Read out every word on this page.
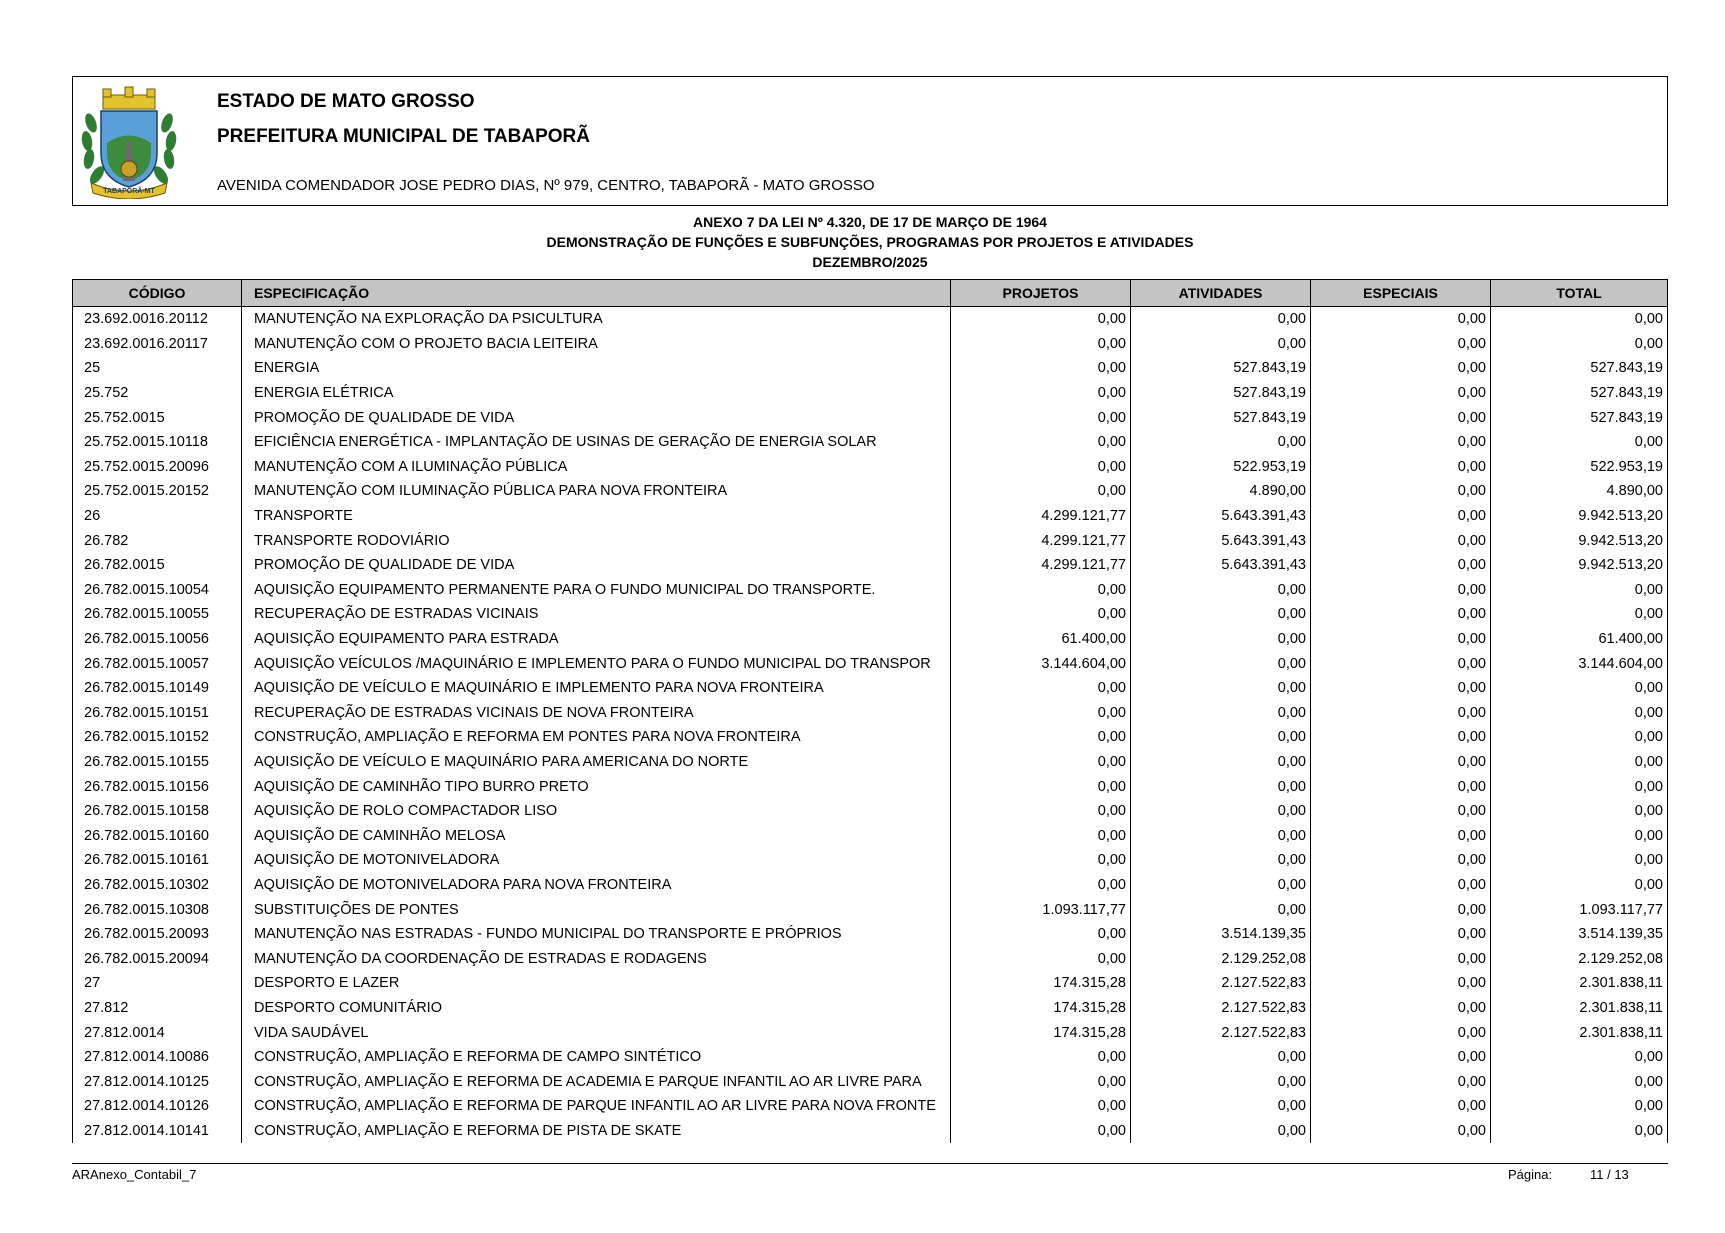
TABAPORÃ-MT
ESTADO DE MATO GROSSO
PREFEITURA MUNICIPAL DE TABAPORÃ
AVENIDA COMENDADOR JOSE PEDRO DIAS, Nº 979, CENTRO, TABAPORÃ - MATO GROSSO
ANEXO 7 DA LEI Nº 4.320, DE 17 DE MARÇO DE 1964
DEMONSTRAÇÃO DE FUNÇÕES E SUBFUNÇÕES, PROGRAMAS POR PROJETOS E ATIVIDADES
DEZEMBRO/2025
CÓDIGO	ESPECIFICAÇÃO	PROJETOS	ATIVIDADES	ESPECIAIS	TOTAL
23.692.0016.20112	MANUTENÇÃO NA EXPLORAÇÃO DA PSICULTURA	0,00	0,00	0,00	0,00
23.692.0016.20117	MANUTENÇÃO COM O PROJETO BACIA LEITEIRA	0,00	0,00	0,00	0,00
25	ENERGIA	0,00	527.843,19	0,00	527.843,19
25.752	ENERGIA ELÉTRICA	0,00	527.843,19	0,00	527.843,19
25.752.0015	PROMOÇÃO DE QUALIDADE DE VIDA	0,00	527.843,19	0,00	527.843,19
25.752.0015.10118	EFICIÊNCIA ENERGÉTICA - IMPLANTAÇÃO DE USINAS DE GERAÇÃO DE ENERGIA SOLAR	0,00	0,00	0,00	0,00
25.752.0015.20096	MANUTENÇÃO COM A ILUMINAÇÃO PÚBLICA	0,00	522.953,19	0,00	522.953,19
25.752.0015.20152	MANUTENÇÃO COM ILUMINAÇÃO PÚBLICA PARA NOVA FRONTEIRA	0,00	4.890,00	0,00	4.890,00
26	TRANSPORTE	4.299.121,77	5.643.391,43	0,00	9.942.513,20
26.782	TRANSPORTE RODOVIÁRIO	4.299.121,77	5.643.391,43	0,00	9.942.513,20
26.782.0015	PROMOÇÃO DE QUALIDADE DE VIDA	4.299.121,77	5.643.391,43	0,00	9.942.513,20
26.782.0015.10054	AQUISIÇÃO EQUIPAMENTO PERMANENTE PARA O FUNDO MUNICIPAL DO TRANSPORTE.	0,00	0,00	0,00	0,00
26.782.0015.10055	RECUPERAÇÃO DE ESTRADAS VICINAIS	0,00	0,00	0,00	0,00
26.782.0015.10056	AQUISIÇÃO EQUIPAMENTO PARA ESTRADA	61.400,00	0,00	0,00	61.400,00
26.782.0015.10057	AQUISIÇÃO VEÍCULOS /MAQUINÁRIO E IMPLEMENTO PARA O FUNDO MUNICIPAL DO TRANSPOR	3.144.604,00	0,00	0,00	3.144.604,00
26.782.0015.10149	AQUISIÇÃO DE VEÍCULO E MAQUINÁRIO E IMPLEMENTO PARA NOVA FRONTEIRA	0,00	0,00	0,00	0,00
26.782.0015.10151	RECUPERAÇÃO DE ESTRADAS VICINAIS DE NOVA FRONTEIRA	0,00	0,00	0,00	0,00
26.782.0015.10152	CONSTRUÇÃO, AMPLIAÇÃO E REFORMA EM PONTES PARA NOVA FRONTEIRA	0,00	0,00	0,00	0,00
26.782.0015.10155	AQUISIÇÃO DE VEÍCULO E MAQUINÁRIO PARA AMERICANA DO NORTE	0,00	0,00	0,00	0,00
26.782.0015.10156	AQUISIÇÃO DE CAMINHÃO TIPO BURRO PRETO	0,00	0,00	0,00	0,00
26.782.0015.10158	AQUISIÇÃO DE ROLO COMPACTADOR LISO	0,00	0,00	0,00	0,00
26.782.0015.10160	AQUISIÇÃO DE CAMINHÃO MELOSA	0,00	0,00	0,00	0,00
26.782.0015.10161	AQUISIÇÃO DE MOTONIVELADORA	0,00	0,00	0,00	0,00
26.782.0015.10302	AQUISIÇÃO DE MOTONIVELADORA PARA NOVA FRONTEIRA	0,00	0,00	0,00	0,00
26.782.0015.10308	SUBSTITUIÇÕES DE PONTES	1.093.117,77	0,00	0,00	1.093.117,77
26.782.0015.20093	MANUTENÇÃO NAS ESTRADAS - FUNDO MUNICIPAL DO TRANSPORTE E PRÓPRIOS	0,00	3.514.139,35	0,00	3.514.139,35
26.782.0015.20094	MANUTENÇÃO DA COORDENAÇÃO DE ESTRADAS E RODAGENS	0,00	2.129.252,08	0,00	2.129.252,08
27	DESPORTO E LAZER	174.315,28	2.127.522,83	0,00	2.301.838,11
27.812	DESPORTO COMUNITÁRIO	174.315,28	2.127.522,83	0,00	2.301.838,11
27.812.0014	VIDA SAUDÁVEL	174.315,28	2.127.522,83	0,00	2.301.838,11
27.812.0014.10086	CONSTRUÇÃO, AMPLIAÇÃO E REFORMA DE CAMPO SINTÉTICO	0,00	0,00	0,00	0,00
27.812.0014.10125	CONSTRUÇÃO, AMPLIAÇÃO E REFORMA DE ACADEMIA E PARQUE INFANTIL AO AR LIVRE PARA	0,00	0,00	0,00	0,00
27.812.0014.10126	CONSTRUÇÃO, AMPLIAÇÃO E REFORMA DE PARQUE INFANTIL AO AR LIVRE PARA NOVA FRONTE	0,00	0,00	0,00	0,00
27.812.0014.10141	CONSTRUÇÃO, AMPLIAÇÃO E REFORMA DE PISTA DE SKATE	0,00	0,00	0,00	0,00
ARAnexo_Contabil_7	Página:	11 / 13
